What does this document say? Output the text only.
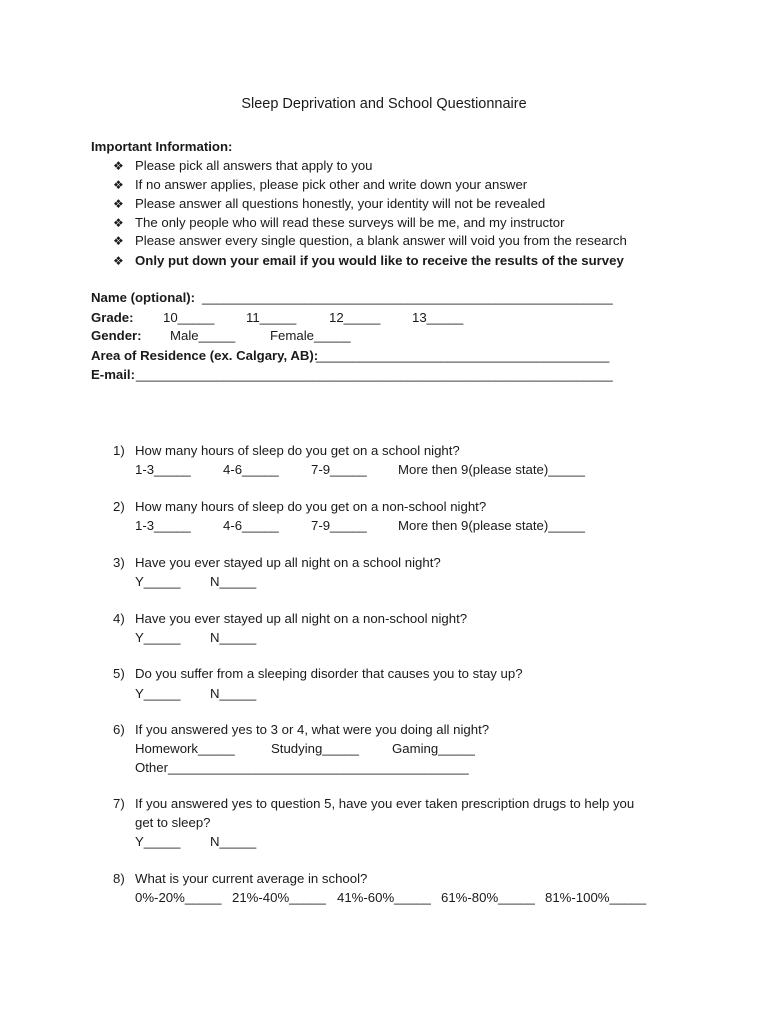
Sleep Deprivation and School Questionnaire
Important Information:
❖ Please pick all answers that apply to you
❖ If no answer applies, please pick other and write down your answer
❖ Please answer all questions honestly, your identity will not be revealed
❖ The only people who will read these surveys will be me, and my instructor
❖ Please answer every single question, a blank answer will void you from the research
❖ Only put down your email if you would like to receive the results of the survey
Name (optional): ________________________________________________________
Grade: 10_____ 11_____ 12_____ 13_____
Gender: Male_____	Female_____
Area of Residence (ex. Calgary, AB):
________________________________________
E-mail: _________________________________________________________________
1) How many hours of sleep do you get on a school night?
1-3_____ 4-6_____ 7-9_____ More then 9(please state)_____
2) How many hours of sleep do you get on a non-school night?
1-3_____ 4-6_____ 7-9_____ More then 9(please state)_____
3) Have you ever stayed up all night on a school night?
Y_____ N_____
4) Have you ever stayed up all night on a non-school night?
Y_____ N_____
5) Do you suffer from a sleeping disorder that causes you to stay up?
Y_____ N_____
6) If you answered yes to 3 or 4, what were you doing all night?
Homework_____	Studying_____	Gaming_____
Other_________________________________________
7) If you answered yes to question 5, have you ever taken prescription drugs to help you
get to sleep?
Y_____ N_____
8) What is your current average in school?
0%-20%_____ 21%-40%_____ 41%-60%_____ 61%-80%_____ 81%-100%_____
